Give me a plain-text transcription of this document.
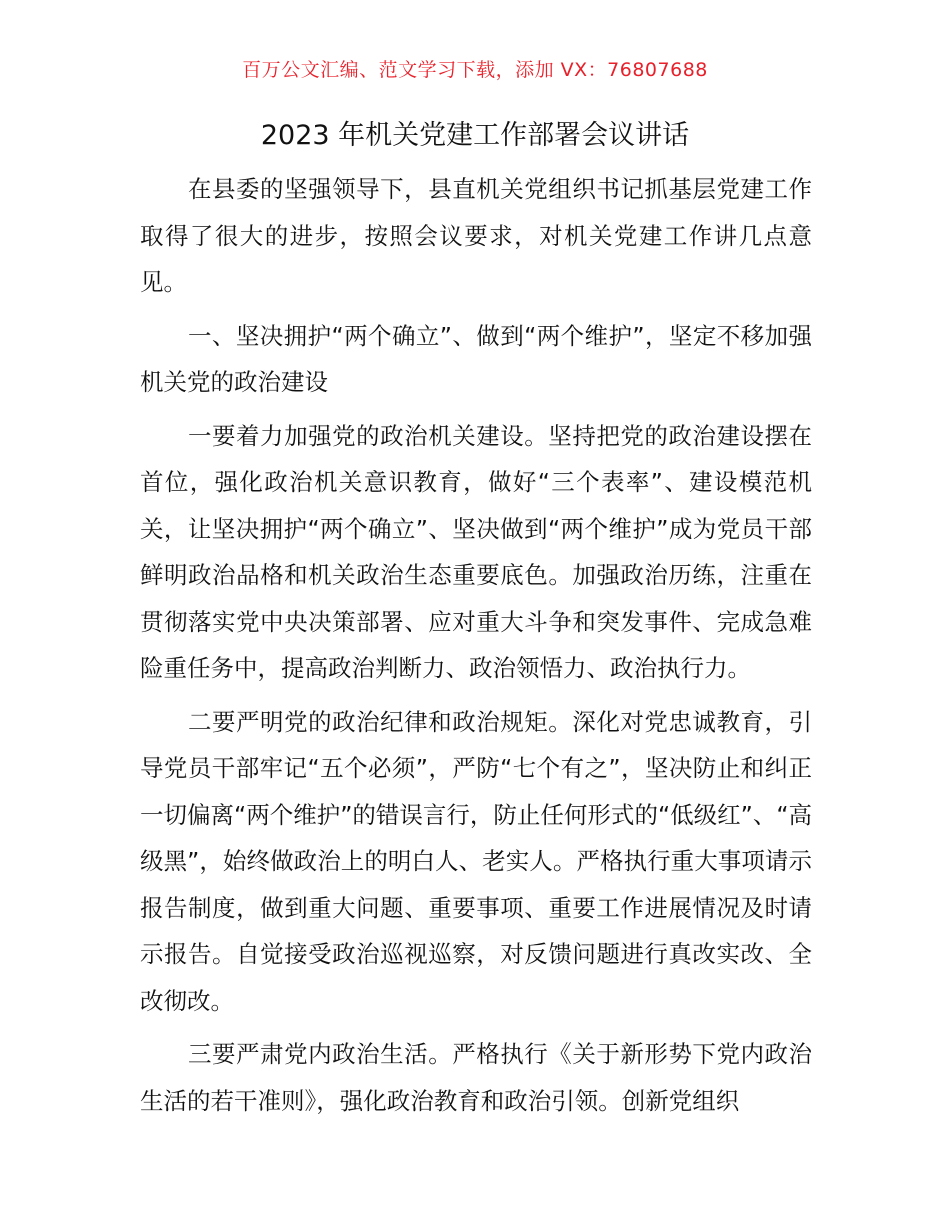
百万公文汇编、范文学习下载，添加 VX：76807688
2023 年机关党建工作部署会议讲话

在县委的坚强领导下，县直机关党组织书记抓基层党建工作取得了很大的进步，按照会议要求，对机关党建工作讲几点意见。

一、坚决拥护“两个确立”、做到“两个维护”，坚定不移加强机关党的政治建设

一要着力加强党的政治机关建设。坚持把党的政治建设摆在首位，强化政治机关意识教育，做好“三个表率”、建设模范机关，让坚决拥护“两个确立”、坚决做到“两个维护”成为党员干部鲜明政治品格和机关政治生态重要底色。加强政治历练，注重在贯彻落实党中央决策部署、应对重大斗争和突发事件、完成急难险重任务中，提高政治判断力、政治领悟力、政治执行力。

二要严明党的政治纪律和政治规矩。深化对党忠诚教育，引导党员干部牢记“五个必须”，严防“七个有之”，坚决防止和纠正一切偏离“两个维护”的错误言行，防止任何形式的“低级红”、“高级黑”，始终做政治上的明白人、老实人。严格执行重大事项请示报告制度，做到重大问题、重要事项、重要工作进展情况及时请示报告。自觉接受政治巡视巡察，对反馈问题进行真改实改、全改彻改。

三要严肃党内政治生活。严格执行《关于新形势下党内政治生活的若干准则》，强化政治教育和政治引领。创新党组织
